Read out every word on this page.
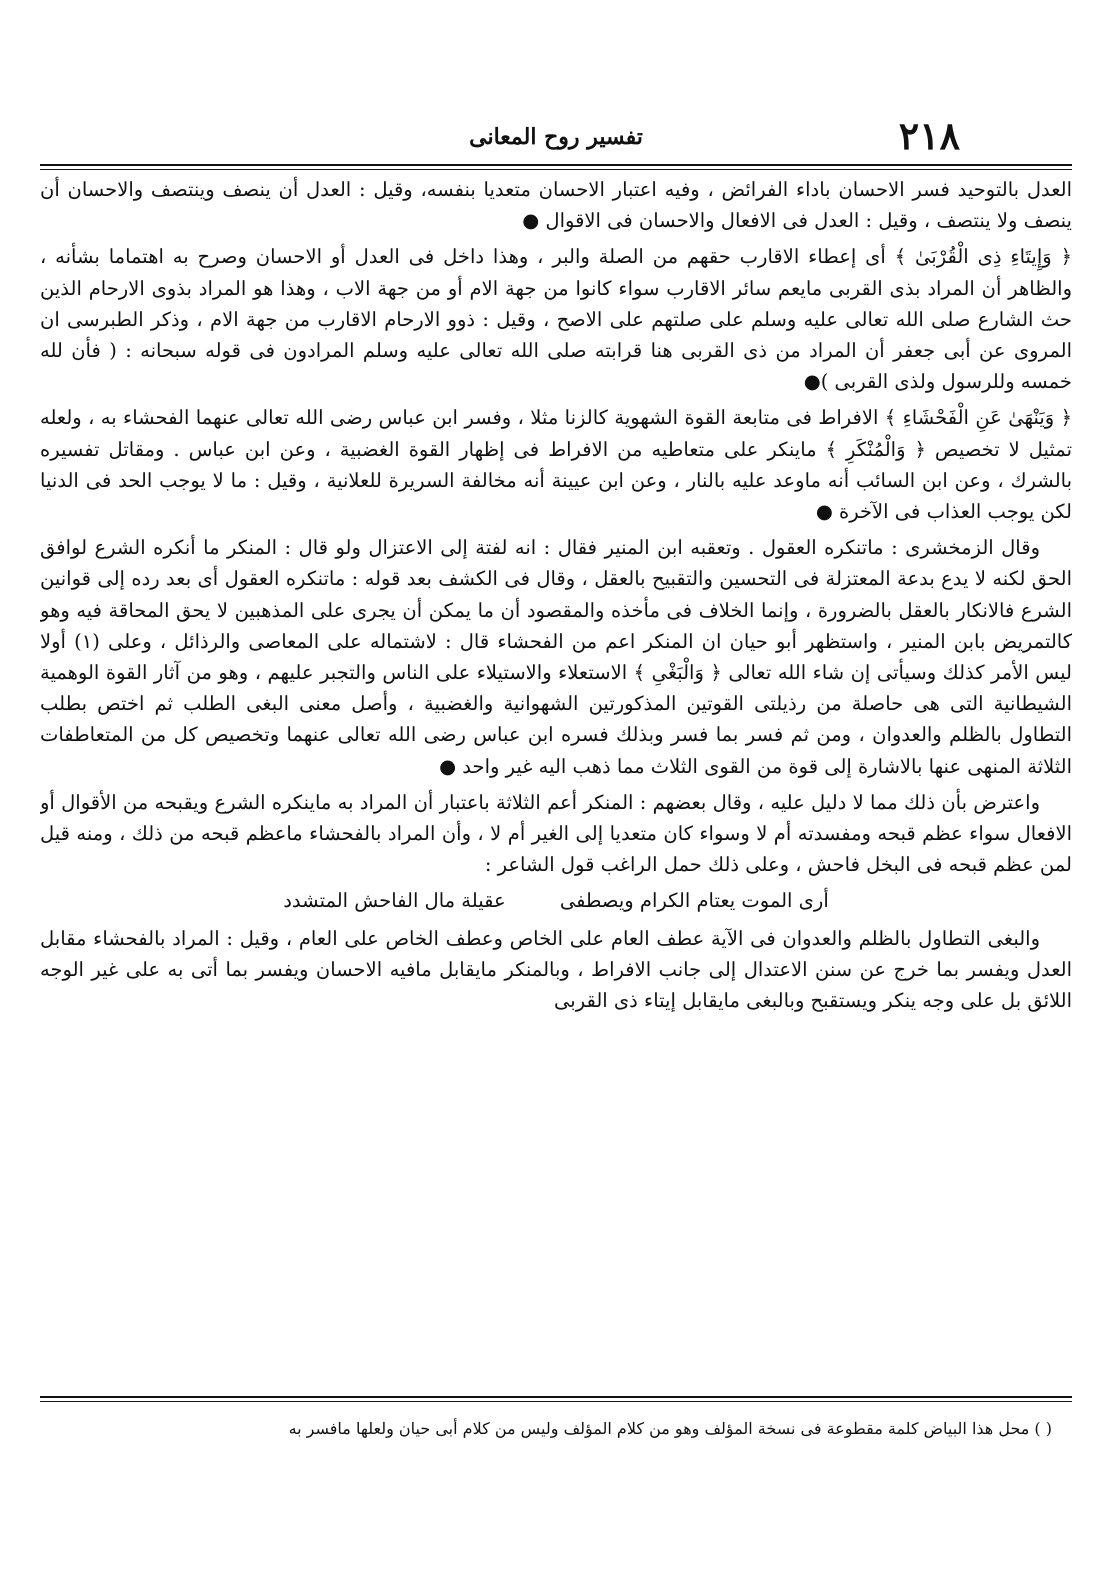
٢١٨
تفسير روح المعانى

العدل بالتوحيد فسر الاحسان باداء الفرائض ، وفيه اعتبار الاحسان متعديا بنفسه، وقيل : العدل أن ينصف وينتصف والاحسان أن ينصف ولا ينتصف ، وقيل : العدل فى الافعال والاحسان فى الاقوال ●

﴿ وَإِيتَاءِ ذِى الْقُرْبَىٰ ﴾ أى إعطاء الاقارب حقهم من الصلة والبر ، وهذا داخل فى العدل أو الاحسان وصرح به اهتماما بشأنه ، والظاهر أن المراد بذى القربى مايعم سائر الاقارب سواء كانوا من جهة الام أو من جهة الاب ، وهذا هو المراد بذوى الارحام الذين حث الشارع صلى الله تعالى عليه وسلم على صلتهم على الاصح ، وقيل : ذوو الارحام الاقارب من جهة الام ، وذكر الطبرسى ان المروى عن أبى جعفر أن المراد من ذى القربى هنا قرابته صلى الله تعالى عليه وسلم المرادون فى قوله سبحانه : ( فأن لله خمسه وللرسول ولذى القربى )●

﴿ وَيَنْهَىٰ عَنِ الْفَحْشَاءِ ﴾ الافراط فى متابعة القوة الشهوية كالزنا مثلا ، وفسر ابن عباس رضى الله تعالى عنهما الفحشاء به ، ولعله تمثيل لا تخصيص ﴿ وَالْمُنْكَرِ ﴾ ماينكر على متعاطيه من الافراط فى إظهار القوة الغضبية ، وعن ابن عباس . ومقاتل تفسيره بالشرك ، وعن ابن السائب أنه ماوعد عليه بالنار ، وعن ابن عيينة أنه مخالفة السريرة للعلانية ، وقيل : ما لا يوجب الحد فى الدنيا لكن يوجب العذاب فى الآخرة ●

وقال الزمخشرى : ماتنكره العقول . وتعقبه ابن المنير فقال : انه لفتة إلى الاعتزال ولو قال : المنكر ما أنكره الشرع لوافق الحق لكنه لا يدع بدعة المعتزلة فى التحسين والتقبيح بالعقل ، وقال فى الكشف بعد قوله : ماتنكره العقول أى بعد رده إلى قوانين الشرع فالانكار بالعقل بالضرورة ، وإنما الخلاف فى مأخذه والمقصود أن ما يمكن أن يجرى على المذهبين لا يحق المحاقة فيه وهو كالتمريض بابن المنير ، واستظهر أبو حيان ان المنكر اعم من الفحشاء قال : لاشتماله على المعاصى والرذائل ، وعلى (١) أولا ليس الأمر كذلك وسيأتى إن شاء الله تعالى ﴿ وَالْبَغْىِ ﴾ الاستعلاء والاستيلاء على الناس والتجبر عليهم ، وهو من آثار القوة الوهمية الشيطانية التى هى حاصلة من رذيلتى القوتين المذكورتين الشهوانية والغضبية ، وأصل معنى البغى الطلب ثم اختص بطلب التطاول بالظلم والعدوان ، ومن ثم فسر بما فسر وبذلك فسره ابن عباس رضى الله تعالى عنهما وتخصيص كل من المتعاطفات الثلاثة المنهى عنها بالاشارة إلى قوة من القوى الثلاث مما ذهب اليه غير واحد ●

واعترض بأن ذلك مما لا دليل عليه ، وقال بعضهم : المنكر أعم الثلاثة باعتبار أن المراد به ماينكره الشرع ويقبحه من الأقوال أو الافعال سواء عظم قبحه ومفسدته أم لا وسواء كان متعديا إلى الغير أم لا ، وأن المراد بالفحشاء ماعظم قبحه من ذلك ، ومنه قيل لمن عظم قبحه فى البخل فاحش ، وعلى ذلك حمل الراغب قول الشاعر :

أرى الموت يعتام الكرام ويصطفى عقيلة مال الفاحش المتشدد

والبغى التطاول بالظلم والعدوان فى الآية عطف العام على الخاص وعطف الخاص على العام ، وقيل : المراد بالفحشاء مقابل العدل ويفسر بما خرج عن سنن الاعتدال إلى جانب الافراط ، وبالمنكر مايقابل مافيه الاحسان ويفسر بما أتى به على غير الوجه اللائق بل على وجه ينكر ويستقبح وبالبغى مايقابل إيتاء ذى القربى

( ) محل هذا البياض كلمة مقطوعة فى نسخة المؤلف وهو من كلام المؤلف وليس من كلام أبى حيان ولعلها مافسر به
